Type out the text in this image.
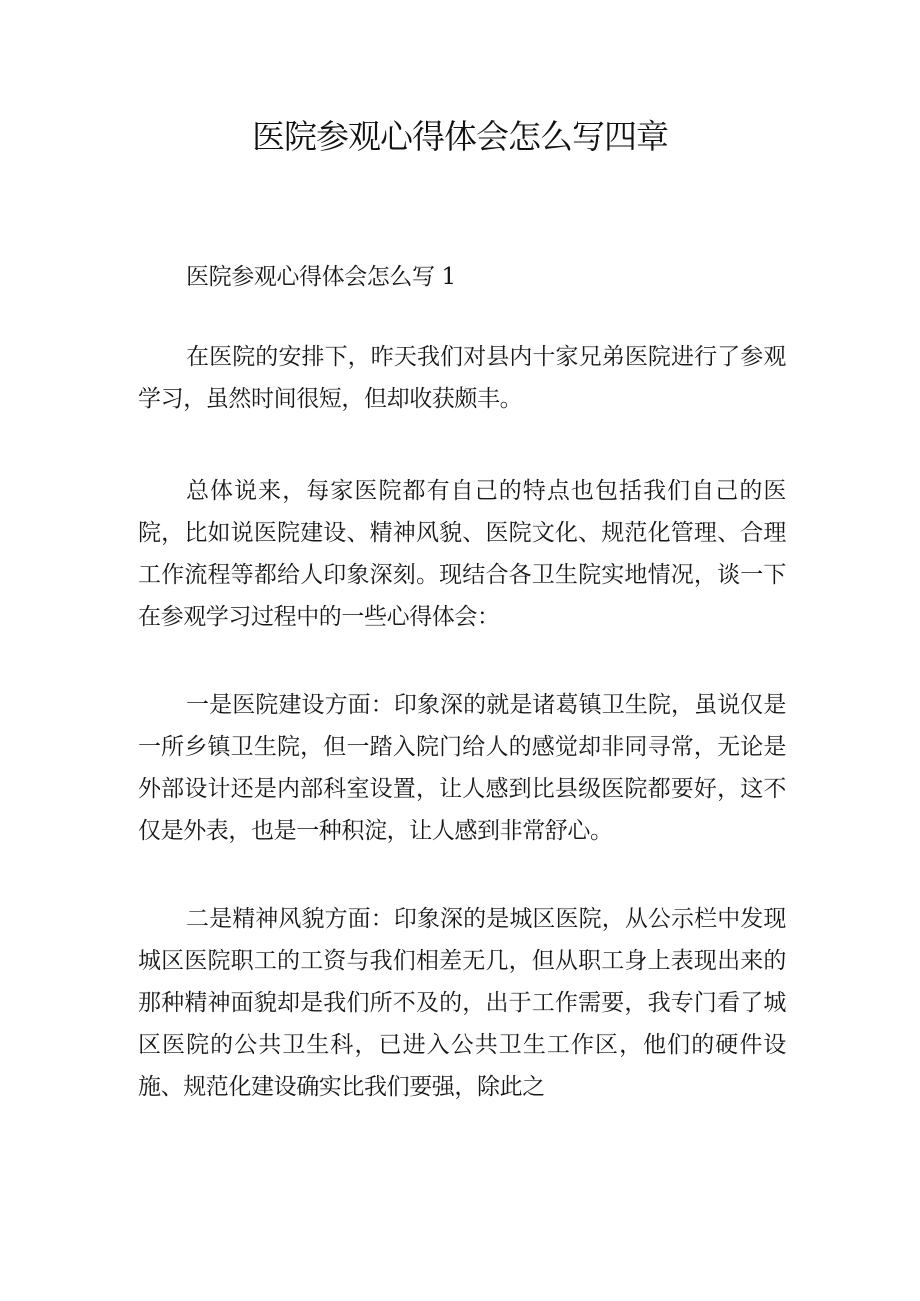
医院参观心得体会怎么写四章

医院参观心得体会怎么写 1

在医院的安排下，昨天我们对县内十家兄弟医院进行了参观学习，虽然时间很短，但却收获颇丰。

总体说来，每家医院都有自己的特点也包括我们自己的医院，比如说医院建设、精神风貌、医院文化、规范化管理、合理工作流程等都给人印象深刻。现结合各卫生院实地情况，谈一下在参观学习过程中的一些心得体会：

一是医院建设方面：印象深的就是诸葛镇卫生院，虽说仅是一所乡镇卫生院，但一踏入院门给人的感觉却非同寻常，无论是外部设计还是内部科室设置，让人感到比县级医院都要好，这不仅是外表，也是一种积淀，让人感到非常舒心。

二是精神风貌方面：印象深的是城区医院，从公示栏中发现城区医院职工的工资与我们相差无几，但从职工身上表现出来的那种精神面貌却是我们所不及的，出于工作需要，我专门看了城区医院的公共卫生科，已进入公共卫生工作区，他们的硬件设施、规范化建设确实比我们要强，除此之
